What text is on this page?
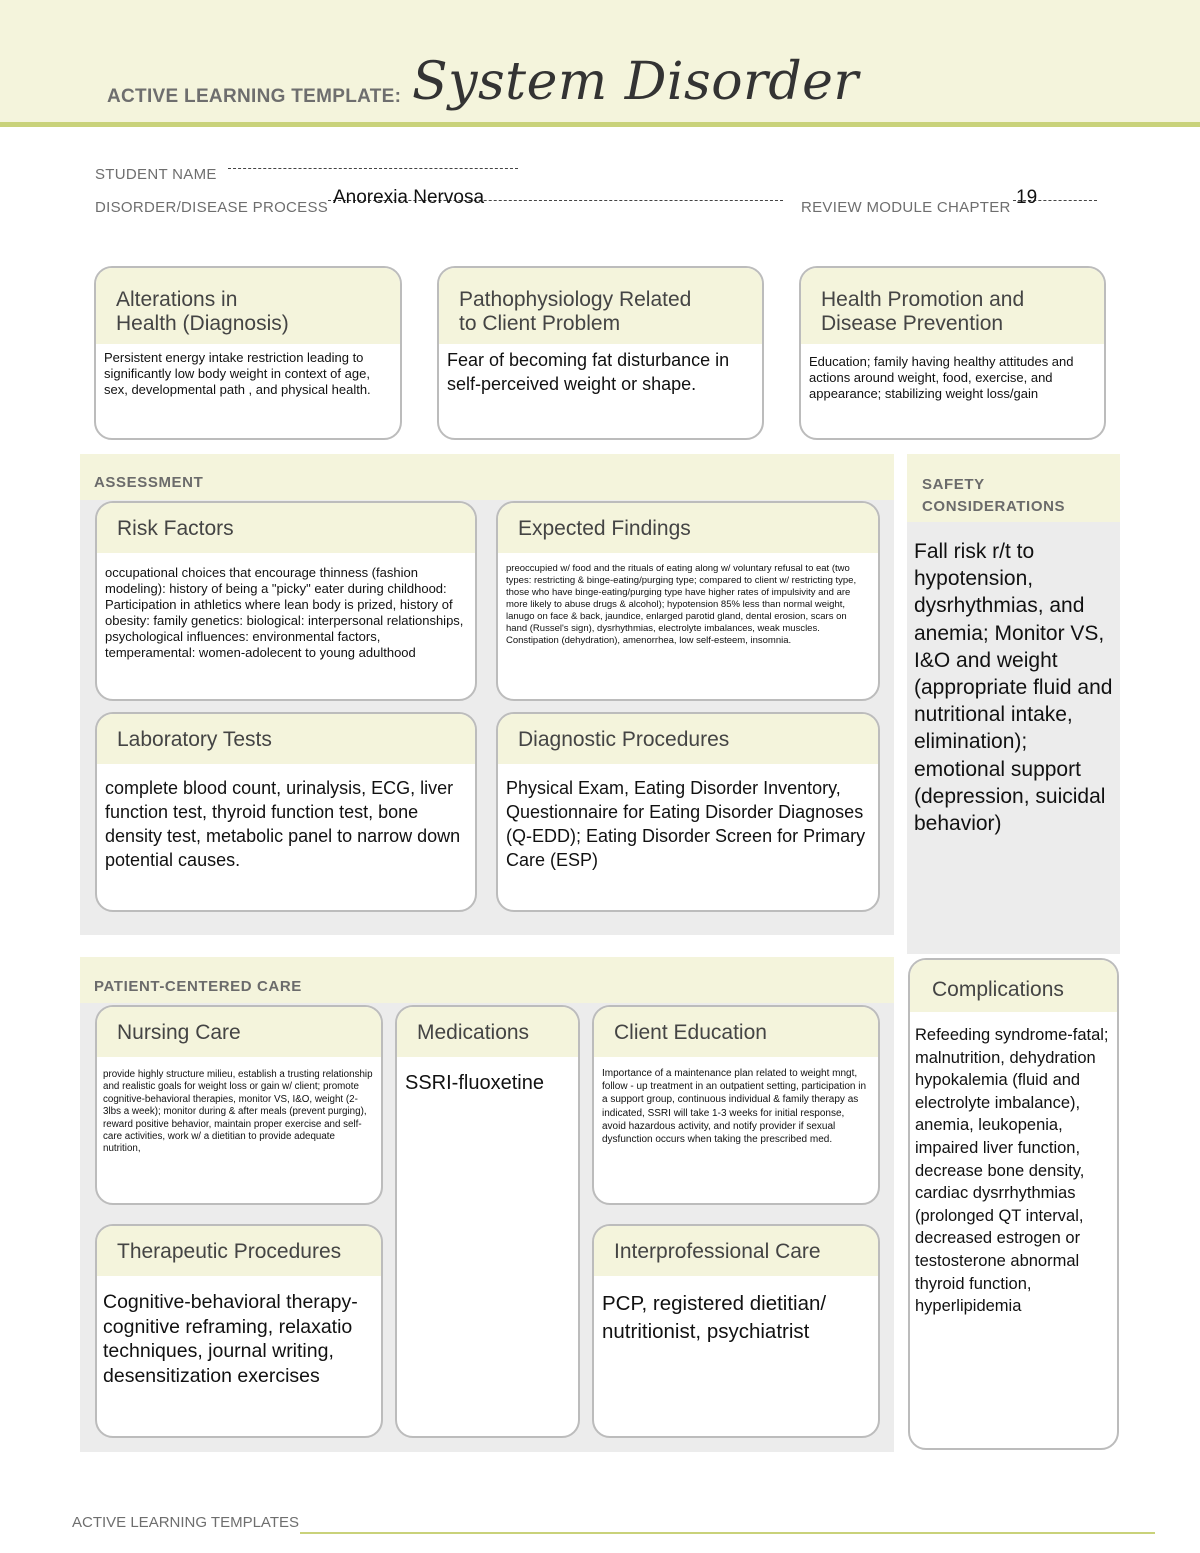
ACTIVE LEARNING TEMPLATE: System Disorder
STUDENT NAME
DISORDER/DISEASE PROCESS Anorexia Nervosa	REVIEW MODULE CHAPTER 19
Alterations in
Health (Diagnosis)
Persistent energy intake restriction leading to significantly low body weight in context of age, sex, developmental path , and physical health.
Pathophysiology Related
to Client Problem
Fear of becoming fat disturbance in self-perceived weight or shape.
Health Promotion and
Disease Prevention
Education; family having healthy attitudes and actions around weight, food, exercise, and appearance; stabilizing weight loss/gain
ASSESSMENT
Risk Factors
occupational choices that encourage thinness (fashion modeling): history of being a "picky" eater during childhood: Participation in athletics where lean body is prized, history of obesity: family genetics: biological: interpersonal relationships, psychological influences: environmental factors, temperamental: women-adolecent to young adulthood
Expected Findings
preoccupied w/ food and the rituals of eating along w/ voluntary refusal to eat (two types: restricting & binge-eating/purging type; compared to client w/ restricting type, those who have binge-eating/purging type have higher rates of impulsivity and are more likely to abuse drugs & alcohol); hypotension 85% less than normal weight, lanugo on face & back, jaundice, enlarged parotid gland, dental erosion, scars on hand (Russel's sign), dysrhythmias, electrolyte imbalances, weak muscles. Constipation (dehydration), amenorrhea, low self-esteem, insomnia.
Laboratory Tests
complete blood count, urinalysis, ECG, liver function test, thyroid function test, bone density test, metabolic panel to narrow down potential causes.
Diagnostic Procedures
Physical Exam, Eating Disorder Inventory, Questionnaire for Eating Disorder Diagnoses (Q-EDD); Eating Disorder Screen for Primary Care (ESP)
SAFETY
CONSIDERATIONS
Fall risk r/t to hypotension, dysrhythmias, and anemia; Monitor VS, I&O and weight (appropriate fluid and nutritional intake, elimination); emotional support (depression, suicidal behavior)
PATIENT-CENTERED CARE
Nursing Care
provide highly structure milieu, establish a trusting relationship and realistic goals for weight loss or gain w/ client; promote cognitive-behavioral therapies, monitor VS, I&O, weight (2-3lbs a week); monitor during & after meals (prevent purging), reward positive behavior, maintain proper exercise and self-care activities, work w/ a dietitian to provide adequate nutrition,
Medications
SSRI-fluoxetine
Client Education
Importance of a maintenance plan related to weight mngt, follow - up treatment in an outpatient setting, participation in a support group, continuous individual & family therapy as indicated, SSRI will take 1-3 weeks for initial response, avoid hazardous activity, and notify provider if sexual dysfunction occurs when taking the prescribed med.
Therapeutic Procedures
Cognitive-behavioral therapy- cognitive reframing, relaxatio techniques, journal writing, desensitization exercises
Interprofessional Care
PCP, registered dietitian/ nutritionist, psychiatrist
Complications
Refeeding syndrome-fatal; malnutrition, dehydration hypokalemia (fluid and electrolyte imbalance), anemia, leukopenia, impaired liver function, decrease bone density, cardiac dysrrhythmias (prolonged QT interval, decreased estrogen or testosterone abnormal thyroid function, hyperlipidemia
ACTIVE LEARNING TEMPLATES
